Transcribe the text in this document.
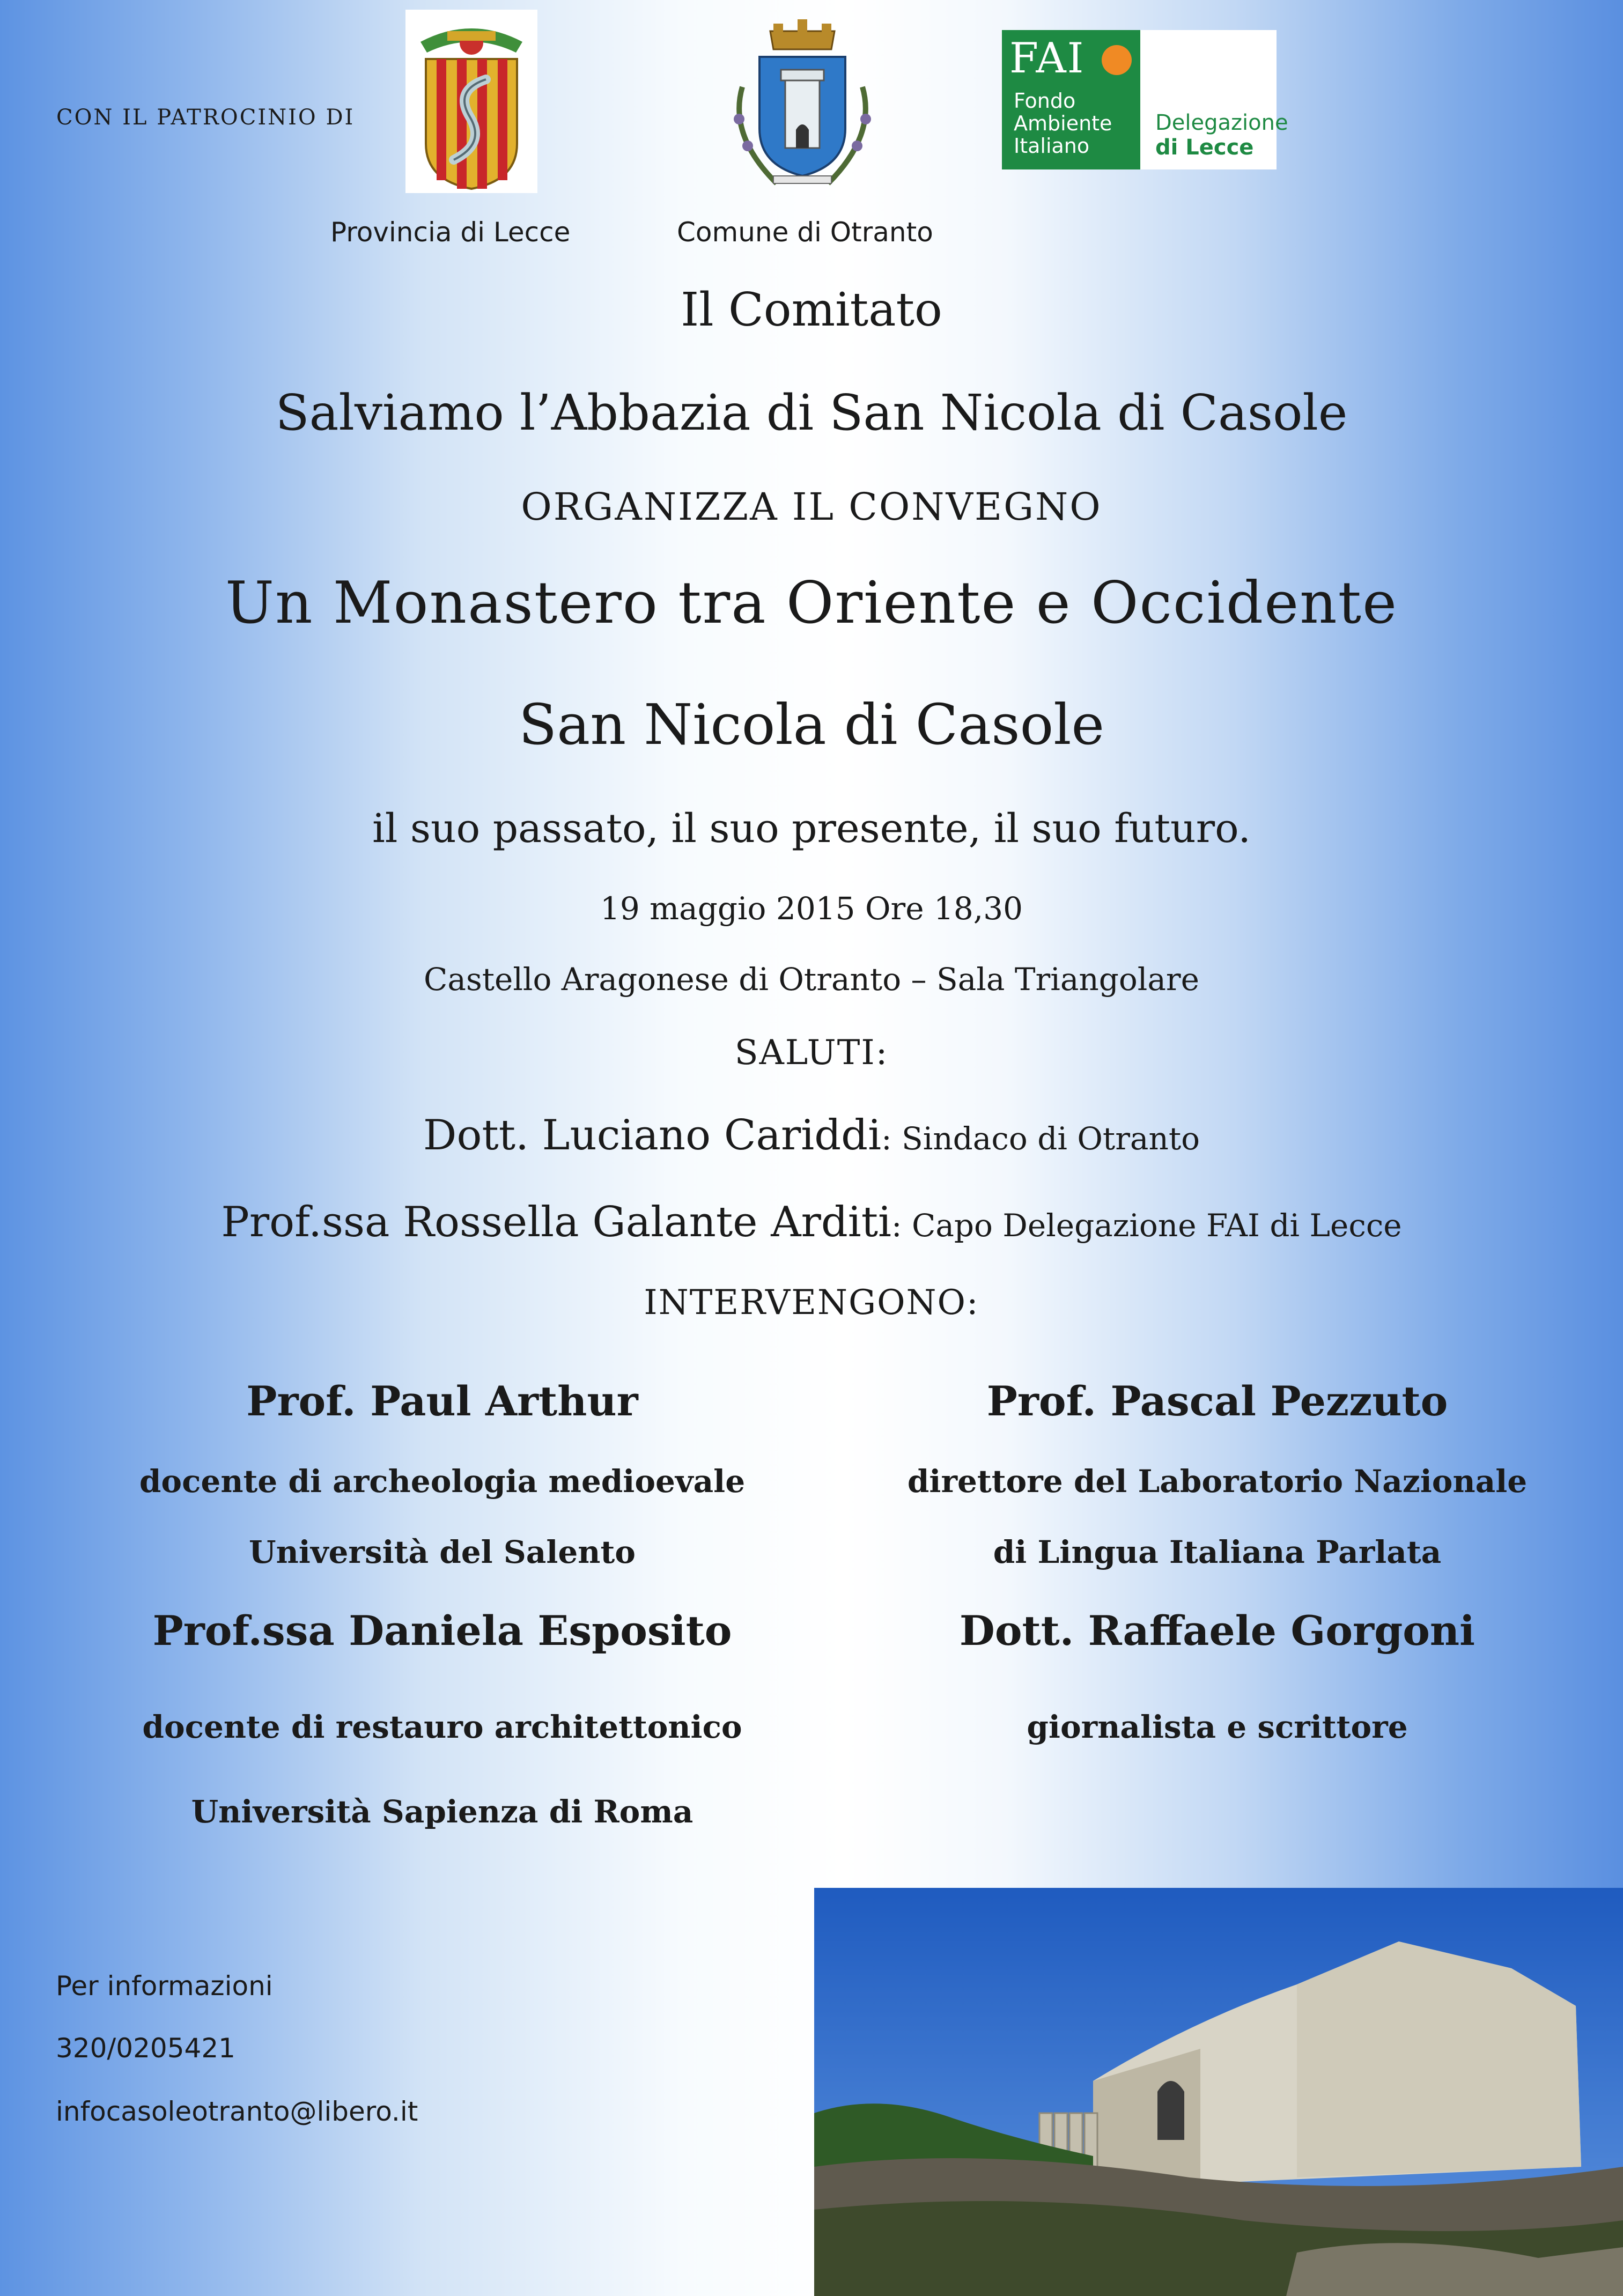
CON IL PATROCINIO DI
Provincia di Lecce	Comune di Otranto
FAI
Fondo
Ambiente
Italiano
Delegazione
di Lecce
Il Comitato
Salviamo l’Abbazia di San Nicola di Casole
ORGANIZZA IL CONVEGNO
Un Monastero tra Oriente e Occidente
San Nicola di Casole
il suo passato, il suo presente, il suo futuro.
19 maggio 2015 Ore 18,30
Castello Aragonese di Otranto – Sala Triangolare
SALUTI:
Dott. Luciano Cariddi: Sindaco di Otranto
Prof.ssa Rossella Galante Arditi: Capo Delegazione FAI di Lecce
INTERVENGONO:
Prof. Paul Arthur
docente di archeologia medioevale
Università del Salento
Prof.ssa Daniela Esposito
docente di restauro architettonico
Università Sapienza di Roma
Prof. Pascal Pezzuto
direttore del Laboratorio Nazionale
di Lingua Italiana Parlata
Dott. Raffaele Gorgoni
giornalista e scrittore
Per informazioni
320/0205421
infocasoleotranto@libero.it
